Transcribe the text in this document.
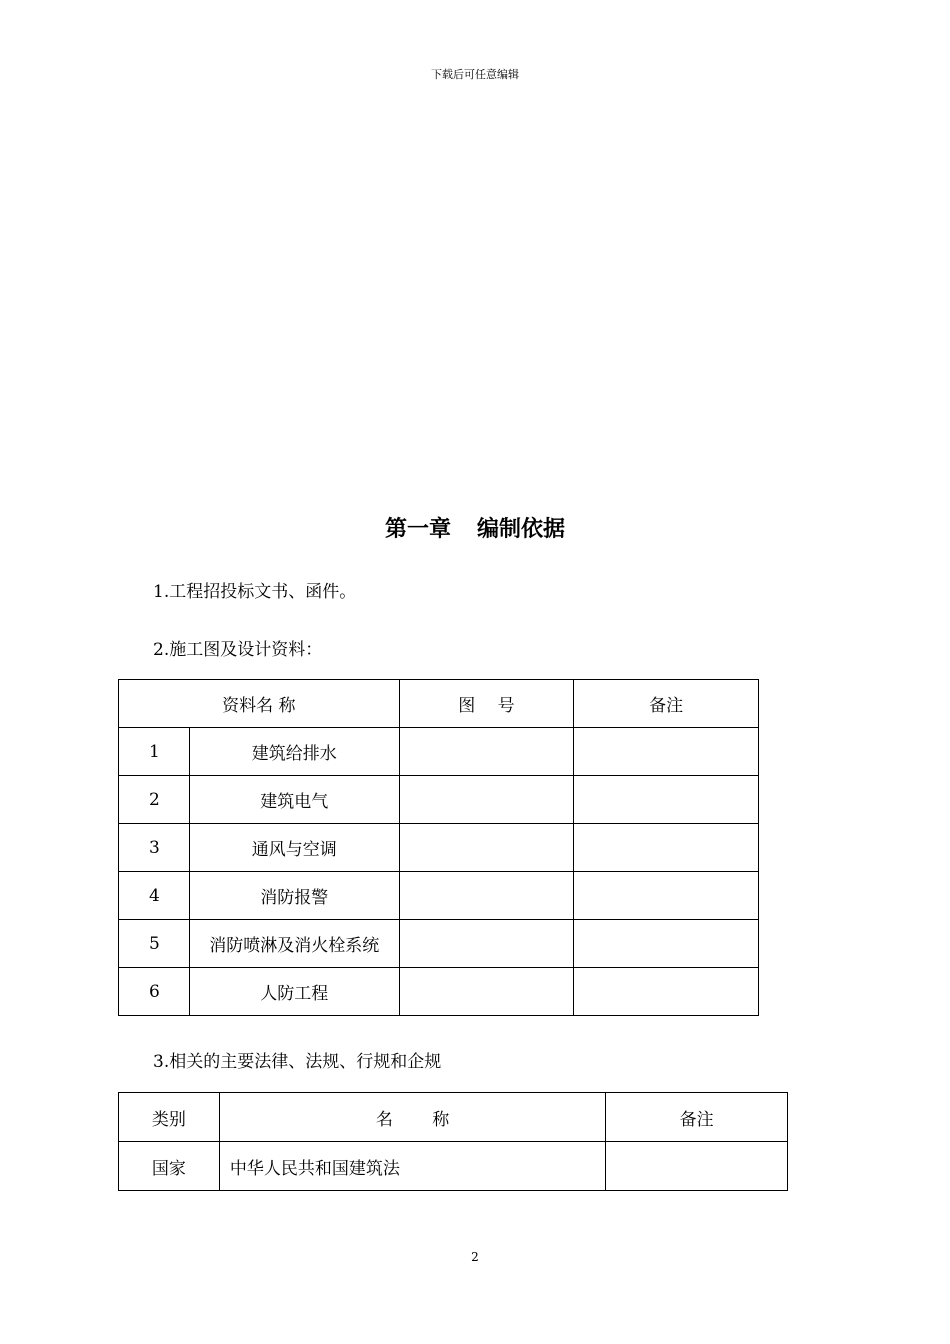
下载后可任意编辑
第一章 编制依据
1.工程招投标文书、函件。
2.施工图及设计资料：
资料名 称		图　 号	备注
1	建筑给排水		
2	建筑电气		
3	通风与空调		
4	消防报警		
5	消防喷淋及消火栓系统		
6	人防工程		
3.相关的主要法律、法规、行规和企规
类别	名　　 称	备注
国家	中华人民共和国建筑法	
2
